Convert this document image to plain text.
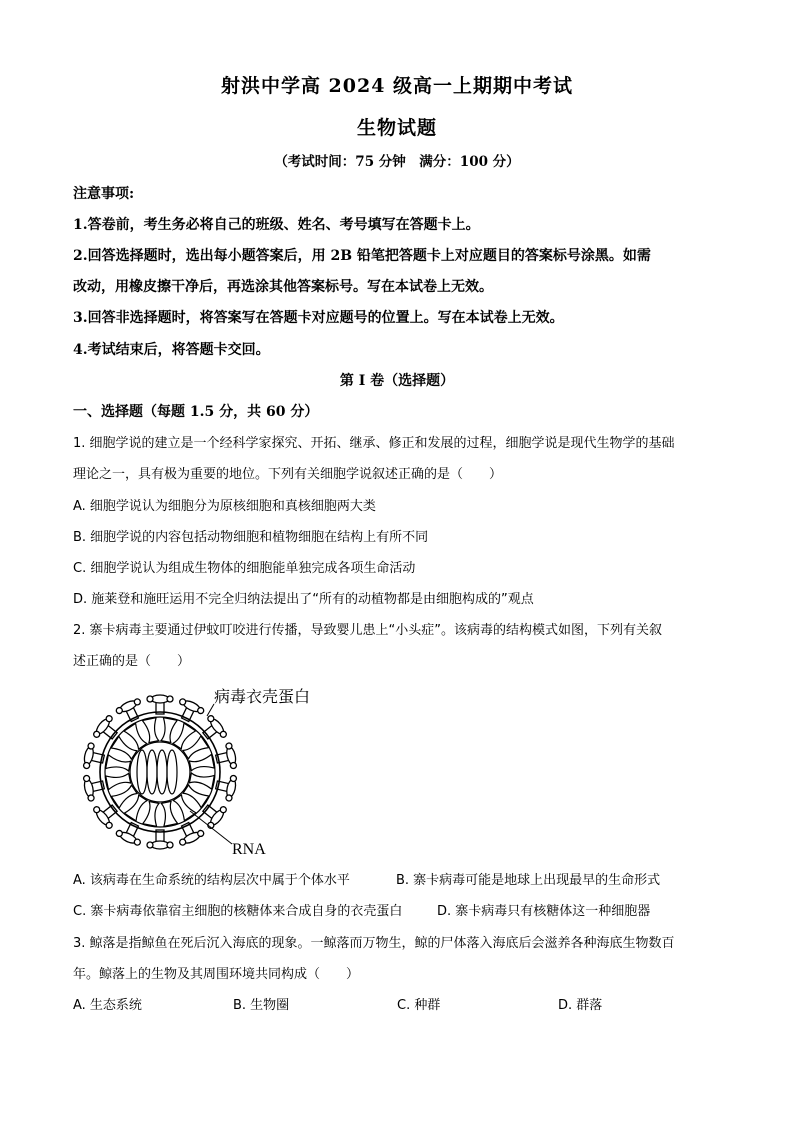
射洪中学高 2024 级高一上期期中考试
生物试题
（考试时间：75 分钟　满分：100 分）
注意事项:
1.答卷前，考生务必将自己的班级、姓名、考号填写在答题卡上。
2.回答选择题时，选出每小题答案后，用 2B 铅笔把答题卡上对应题目的答案标号涂黑。如需
改动，用橡皮擦干净后，再选涂其他答案标号。写在本试卷上无效。
3.回答非选择题时，将答案写在答题卡对应题号的位置上。写在本试卷上无效。
4.考试结束后，将答题卡交回。
第 I 卷（选择题）
一、选择题（每题 1.5 分，共 60 分）
1. 细胞学说的建立是一个经科学家探究、开拓、继承、修正和发展的过程，细胞学说是现代生物学的基础
理论之一，具有极为重要的地位。下列有关细胞学说叙述正确的是（　　）
A. 细胞学说认为细胞分为原核细胞和真核细胞两大类
B. 细胞学说的内容包括动物细胞和植物细胞在结构上有所不同
C. 细胞学说认为组成生物体的细胞能单独完成各项生命活动
D. 施莱登和施旺运用不完全归纳法提出了“所有的动植物都是由细胞构成的”观点
2. 寨卡病毒主要通过伊蚊叮咬进行传播，导致婴儿患上“小头症”。该病毒的结构模式如图，下列有关叙
述正确的是（　　）
病毒衣壳蛋白
RNA
A. 该病毒在生命系统的结构层次中属于个体水平	B. 寨卡病毒可能是地球上出现最早的生命形式
C. 寨卡病毒依靠宿主细胞的核糖体来合成自身的衣壳蛋白	D. 寨卡病毒只有核糖体这一种细胞器
3. 鲸落是指鲸鱼在死后沉入海底的现象。一鲸落而万物生，鲸的尸体落入海底后会滋养各种海底生物数百
年。鲸落上的生物及其周围环境共同构成（　　）
A. 生态系统	B. 生物圈	C. 种群	D. 群落
